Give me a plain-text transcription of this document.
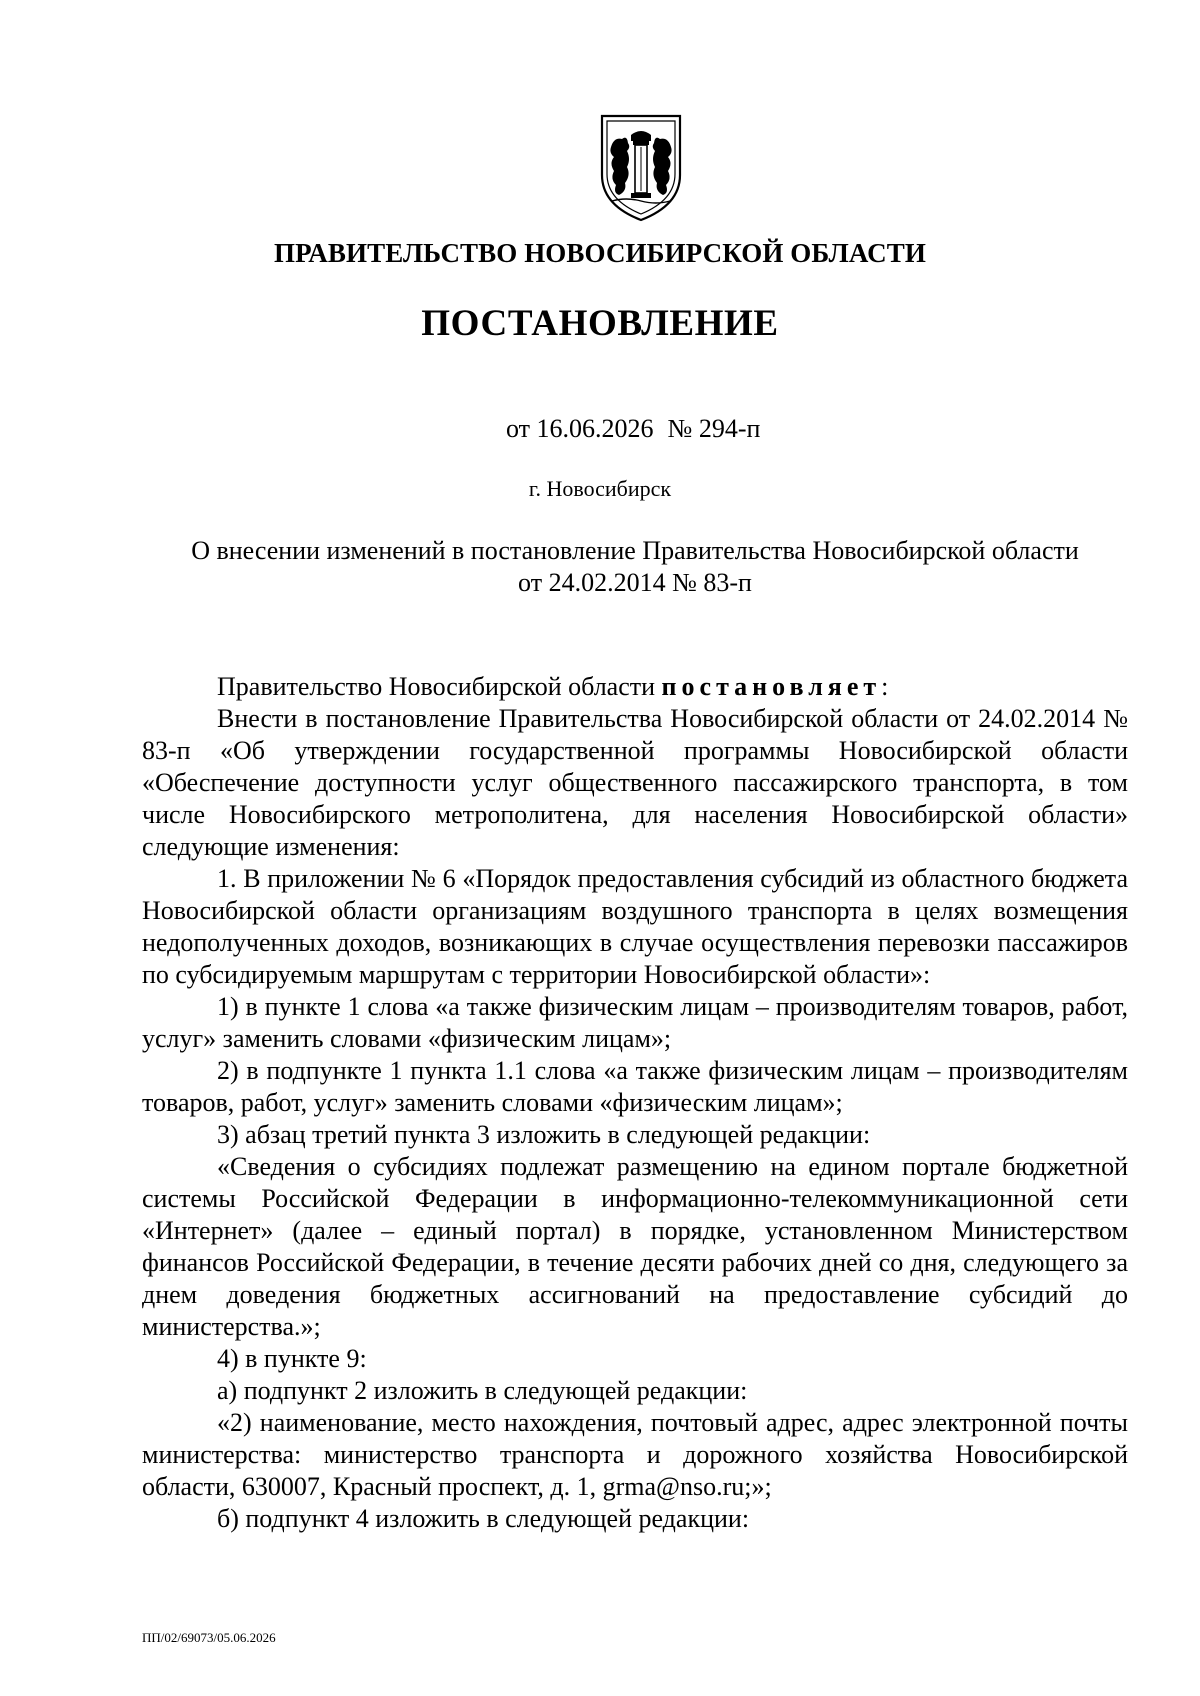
ПРАВИТЕЛЬСТВО НОВОСИБИРСКОЙ ОБЛАСТИ
ПОСТАНОВЛЕНИЕ
от 16.06.2026 № 294-п
г. Новосибирск
О внесении изменений в постановление Правительства Новосибирской области
от 24.02.2014 № 83-п

Правительство Новосибирской области постановляет:

Внести в постановление Правительства Новосибирской области от 24.02.2014 № 83-п «Об утверждении государственной программы Новосибирской области «Обеспечение доступности услуг общественного пассажирского транспорта, в том числе Новосибирского метрополитена, для населения Новосибирской области» следующие изменения:

1. В приложении № 6 «Порядок предоставления субсидий из областного бюджета Новосибирской области организациям воздушного транспорта в целях возмещения недополученных доходов, возникающих в случае осуществления перевозки пассажиров по субсидируемым маршрутам с территории Новосибирской области»:

1) в пункте 1 слова «а также физическим лицам – производителям товаров, работ, услуг» заменить словами «физическим лицам»;

2) в подпункте 1 пункта 1.1 слова «а также физическим лицам – производителям товаров, работ, услуг» заменить словами «физическим лицам»;

3) абзац третий пункта 3 изложить в следующей редакции:

«Сведения о субсидиях подлежат размещению на едином портале бюджетной системы Российской Федерации в информационно-телекоммуникационной сети «Интернет» (далее – единый портал) в порядке, установленном Министерством финансов Российской Федерации, в течение десяти рабочих дней со дня, следующего за днем доведения бюджетных ассигнований на предоставление субсидий до министерства.»;

4) в пункте 9:

а) подпункт 2 изложить в следующей редакции:

«2) наименование, место нахождения, почтовый адрес, адрес электронной почты министерства: министерство транспорта и дорожного хозяйства Новосибирской области, 630007, Красный проспект, д. 1, grma@nso.ru;»;

б) подпункт 4 изложить в следующей редакции:

ПП/02/69073/05.06.2026
